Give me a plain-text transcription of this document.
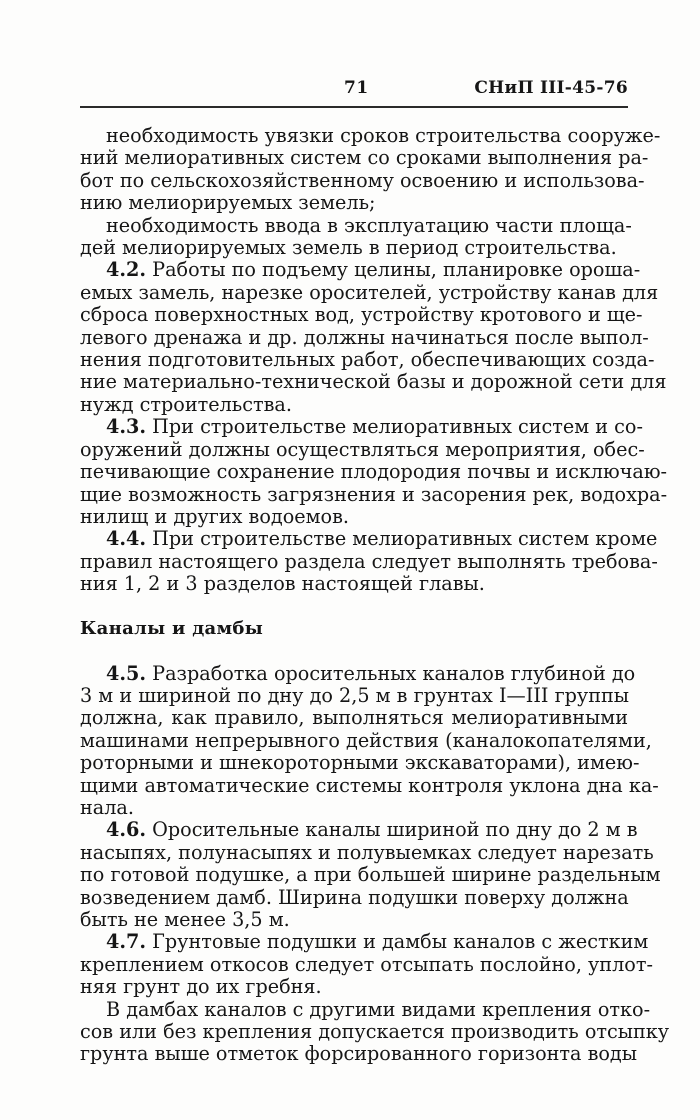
71	СНиП III-45-76
необходимость увязки сроков строительства сооруже-
ний мелиоративных систем со сроками выполнения ра-
бот по сельскохозяйственному освоению и использова-
нию мелиорируемых земель;
необходимость ввода в эксплуатацию части площа-
дей мелиорируемых земель в период строительства.
4.2. Работы по подъему целины, планировке ороша-
емых замель, нарезке оросителей, устройству канав для
сброса поверхностных вод, устройству кротового и ще-
левого дренажа и др. должны начинаться после выпол-
нения подготовительных работ, обеспечивающих созда-
ние материально-технической базы и дорожной сети для
нужд строительства.
4.3. При строительстве мелиоративных систем и со-
оружений должны осуществляться мероприятия, обес-
печивающие сохранение плодородия почвы и исключаю-
щие возможность загрязнения и засорения рек, водохра-
нилищ и других водоемов.
4.4. При строительстве мелиоративных систем кроме
правил настоящего раздела следует выполнять требова-
ния 1, 2 и 3 разделов настоящей главы.
Каналы и дамбы
4.5. Разработка оросительных каналов глубиной до
3 м и шириной по дну до 2,5 м в грунтах I—III группы
должна, как правило, выполняться мелиоративными
машинами непрерывного действия (каналокопателями,
роторными и шнекороторными экскаваторами), имею-
щими автоматические системы контроля уклона дна ка-
нала.
4.6. Оросительные каналы шириной по дну до 2 м в
насыпях, полунасыпях и полувыемках следует нарезать
по готовой подушке, а при большей ширине раздельным
возведением дамб. Ширина подушки поверху должна
быть не менее 3,5 м.
4.7. Грунтовые подушки и дамбы каналов с жестким
креплением откосов следует отсыпать послойно, уплот-
няя грунт до их гребня.
В дамбах каналов с другими видами крепления отко-
сов или без крепления допускается производить отсыпку
грунта выше отметок форсированного горизонта воды
